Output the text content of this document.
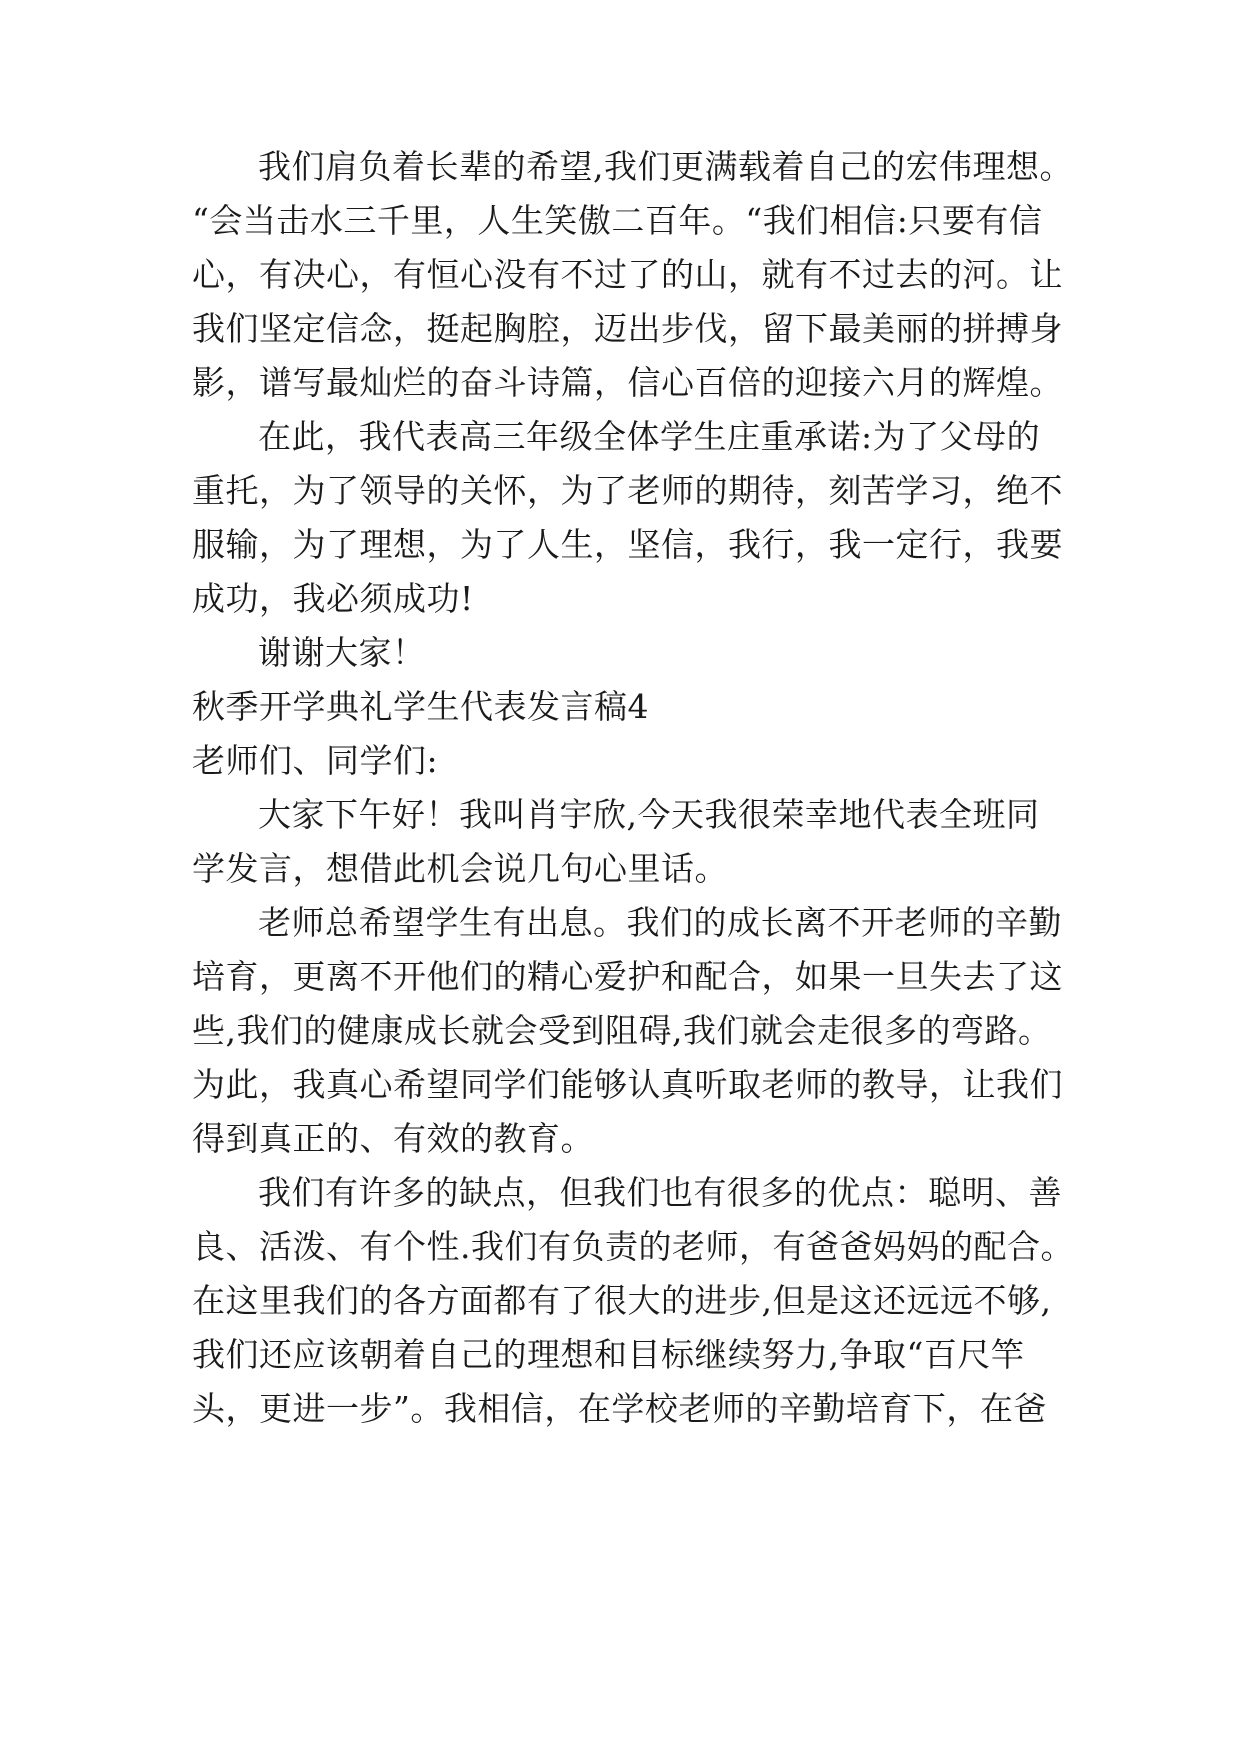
我们肩负着长辈的希望,我们更满载着自己的宏伟理想。
“会当击水三千里，人生笑傲二百年。“我们相信:只要有信
心，有决心，有恒心没有不过了的山，就有不过去的河。让
我们坚定信念，挺起胸腔，迈出步伐，留下最美丽的拼搏身
影，谱写最灿烂的奋斗诗篇，信心百倍的迎接六月的辉煌。
在此，我代表高三年级全体学生庄重承诺:为了父母的
重托，为了领导的关怀，为了老师的期待，刻苦学习，绝不
服输，为了理想，为了人生，坚信，我行，我一定行，我要
成功，我必须成功!
谢谢大家！
秋季开学典礼学生代表发言稿4
老师们、同学们:
大家下午好！我叫肖宇欣,今天我很荣幸地代表全班同
学发言，想借此机会说几句心里话。
老师总希望学生有出息。我们的成长离不开老师的辛勤
培育，更离不开他们的精心爱护和配合，如果一旦失去了这
些,我们的健康成长就会受到阻碍,我们就会走很多的弯路。
为此，我真心希望同学们能够认真听取老师的教导，让我们
得到真正的、有效的教育。
我们有许多的缺点，但我们也有很多的优点：聪明、善
良、活泼、有个性.我们有负责的老师，有爸爸妈妈的配合。
在这里我们的各方面都有了很大的进步,但是这还远远不够,
我们还应该朝着自己的理想和目标继续努力,争取“百尺竿
头，更进一步”。我相信，在学校老师的辛勤培育下，在爸
